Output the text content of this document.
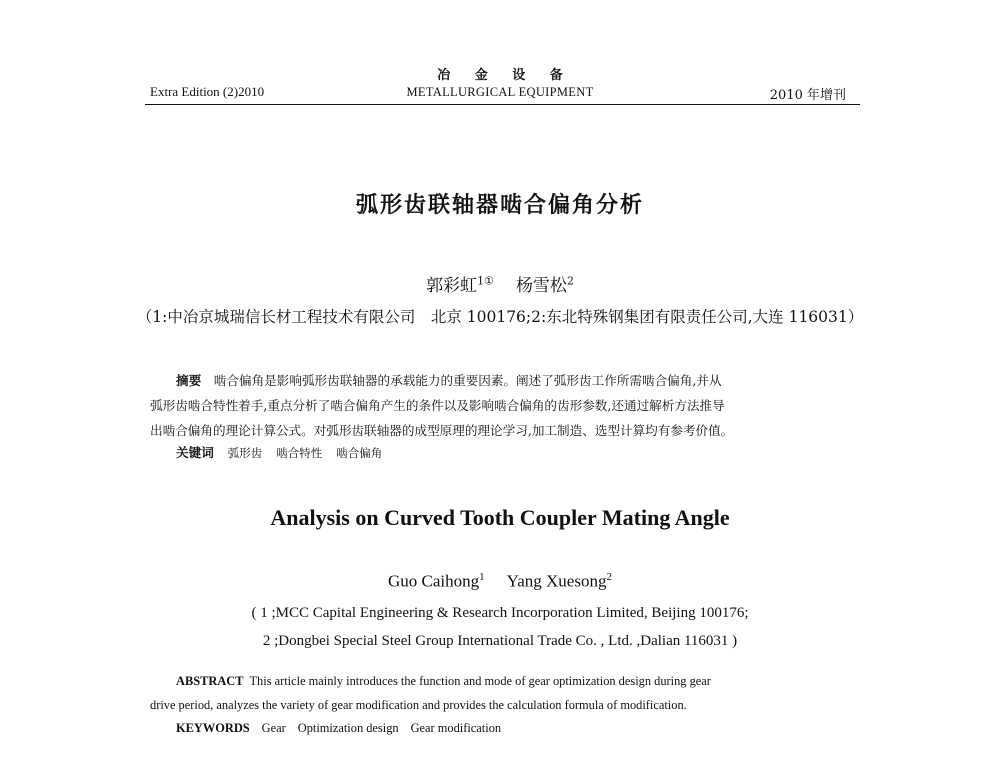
Extra Edition (2)2010
冶 金 设 备
METALLURGICAL EQUIPMENT	2010 年增刊
弧形齿联轴器啮合偏角分析
郭彩虹$^{1①}$ 杨雪松$^2$
（1:中冶京城瑞信长材工程技术有限公司　北京 100176;2:东北特殊钢集团有限责任公司,大连 116031）
摘要　 啮合偏角是影响弧形齿联轴器的承载能力的重要因素。阐述了弧形齿工作所需啮合偏角,并从
弧形齿啮合特性着手,重点分析了啮合偏角产生的条件以及影响啮合偏角的齿形参数,还通过解析方法推导
出啮合偏角的理论计算公式。对弧形齿联轴器的成型原理的理论学习,加工制造、选型计算均有参考价值。
关键词 弧形齿 啮合特性 啮合偏角
Analysis on Curved Tooth Coupler Mating Angle
Guo Caihong$^1$ Yang Xuesong$^2$
( 1 ;MCC Capital Engineering & Research Incorporation Limited, Beijing 100176;
2 ;Dongbei Special Steel Group International Trade Co. , Ltd. ,Dalian 116031 )
ABSTRACT This article mainly introduces the function and mode of gear optimization design during gear
drive period, analyzes the variety of gear modification and provides the calculation formula of modification.
KEYWORDS Gear Optimization design Gear modification
